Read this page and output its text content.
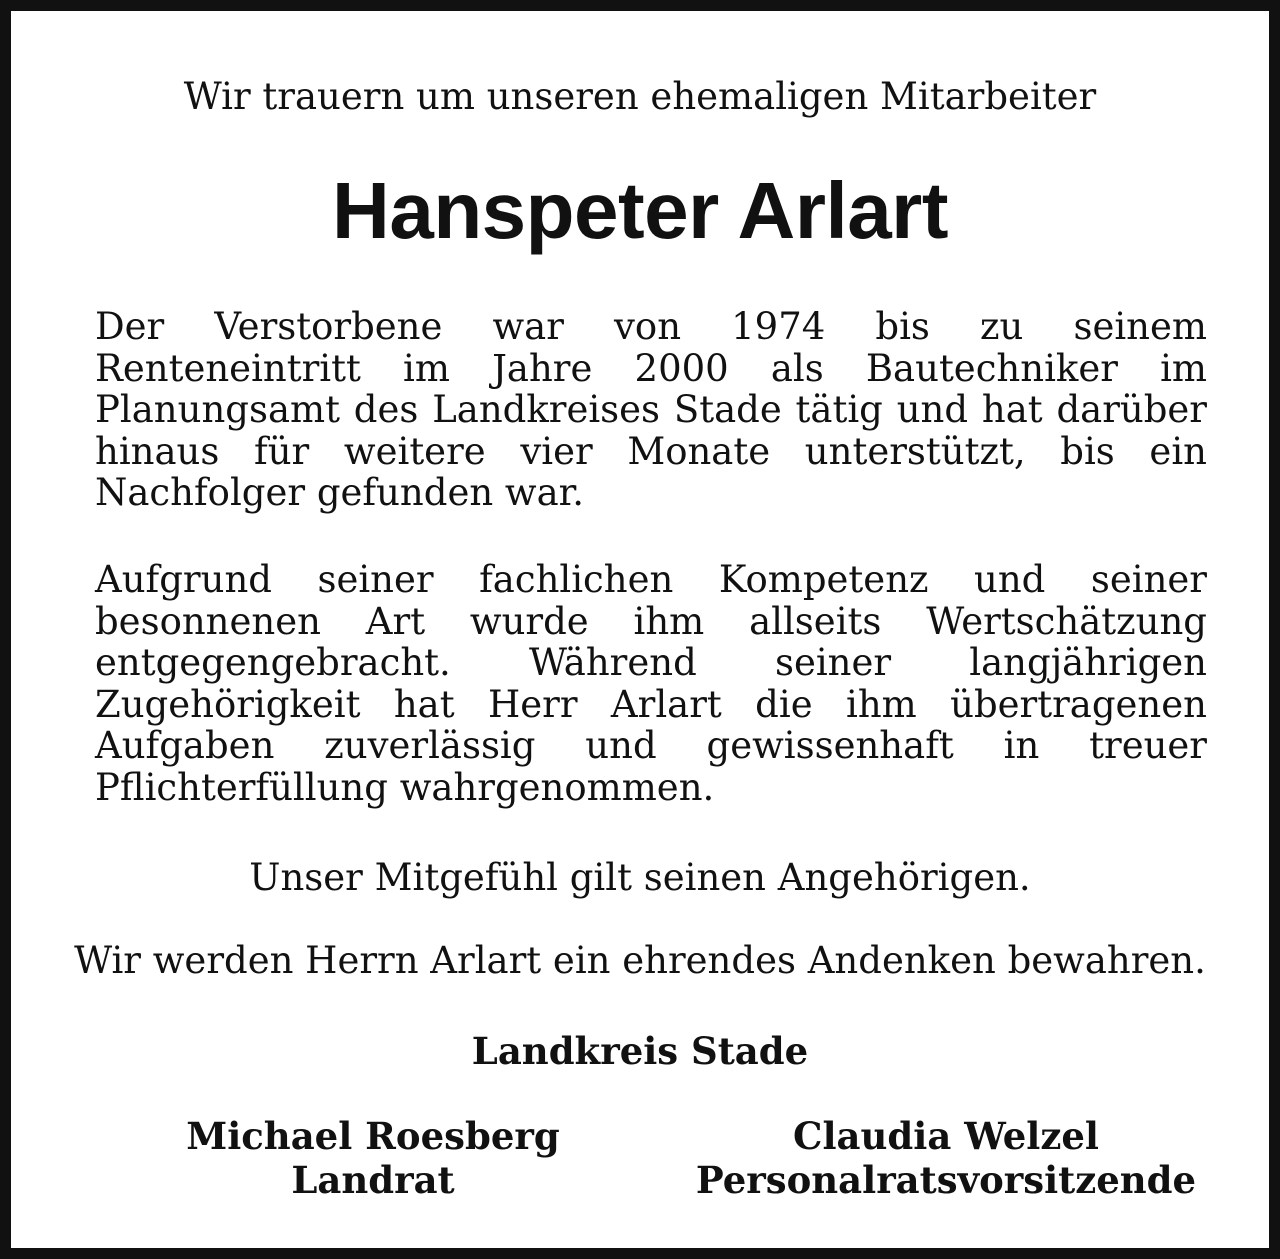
Wir trauern um unseren ehemaligen Mitarbeiter
Hanspeter Arlart
Der Verstorbene war von 1974 bis zu seinem
Renteneintritt im Jahre 2000 als Bautechniker im
Planungsamt des Landkreises Stade tätig und hat darüber
hinaus für weitere vier Monate unterstützt, bis ein
Nachfolger gefunden war.
Aufgrund seiner fachlichen Kompetenz und seiner
besonnenen Art wurde ihm allseits Wertschätzung
entgegengebracht. Während seiner langjährigen
Zugehörigkeit hat Herr Arlart die ihm übertragenen
Aufgaben zuverlässig und gewissenhaft in treuer
Pflichterfüllung wahrgenommen.
Unser Mitgefühl gilt seinen Angehörigen.
Wir werden Herrn Arlart ein ehrendes Andenken bewahren.
Landkreis Stade
Michael Roesberg
Landrat
Claudia Welzel
Personalratsvorsitzende
